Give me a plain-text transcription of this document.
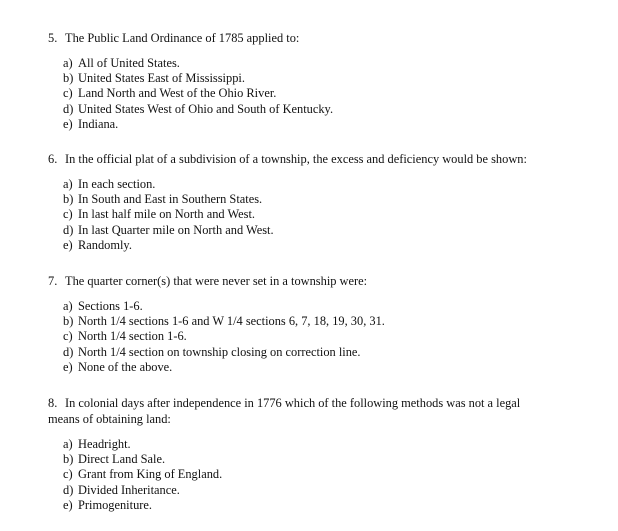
5. The Public Land Ordinance of 1785 applied to:
a) All of United States.
b) United States East of Mississippi.
c) Land North and West of the Ohio River.
d) United States West of Ohio and South of Kentucky.
e) Indiana.
6. In the official plat of a subdivision of a township, the excess and deficiency would be shown:
a) In each section.
b) In South and East in Southern States.
c) In last half mile on North and West.
d) In last Quarter mile on North and West.
e) Randomly.
7. The quarter corner(s) that were never set in a township were:
a) Sections 1-6.
b) North 1/4 sections 1-6 and W 1/4 sections 6, 7, 18, 19, 30, 31.
c) North 1/4 section 1-6.
d) North 1/4 section on township closing on correction line.
e) None of the above.
8. In colonial days after independence in 1776 which of the following methods was not a legal
means of obtaining land:
a) Headright.
b) Direct Land Sale.
c) Grant from King of England.
d) Divided Inheritance.
e) Primogeniture.
